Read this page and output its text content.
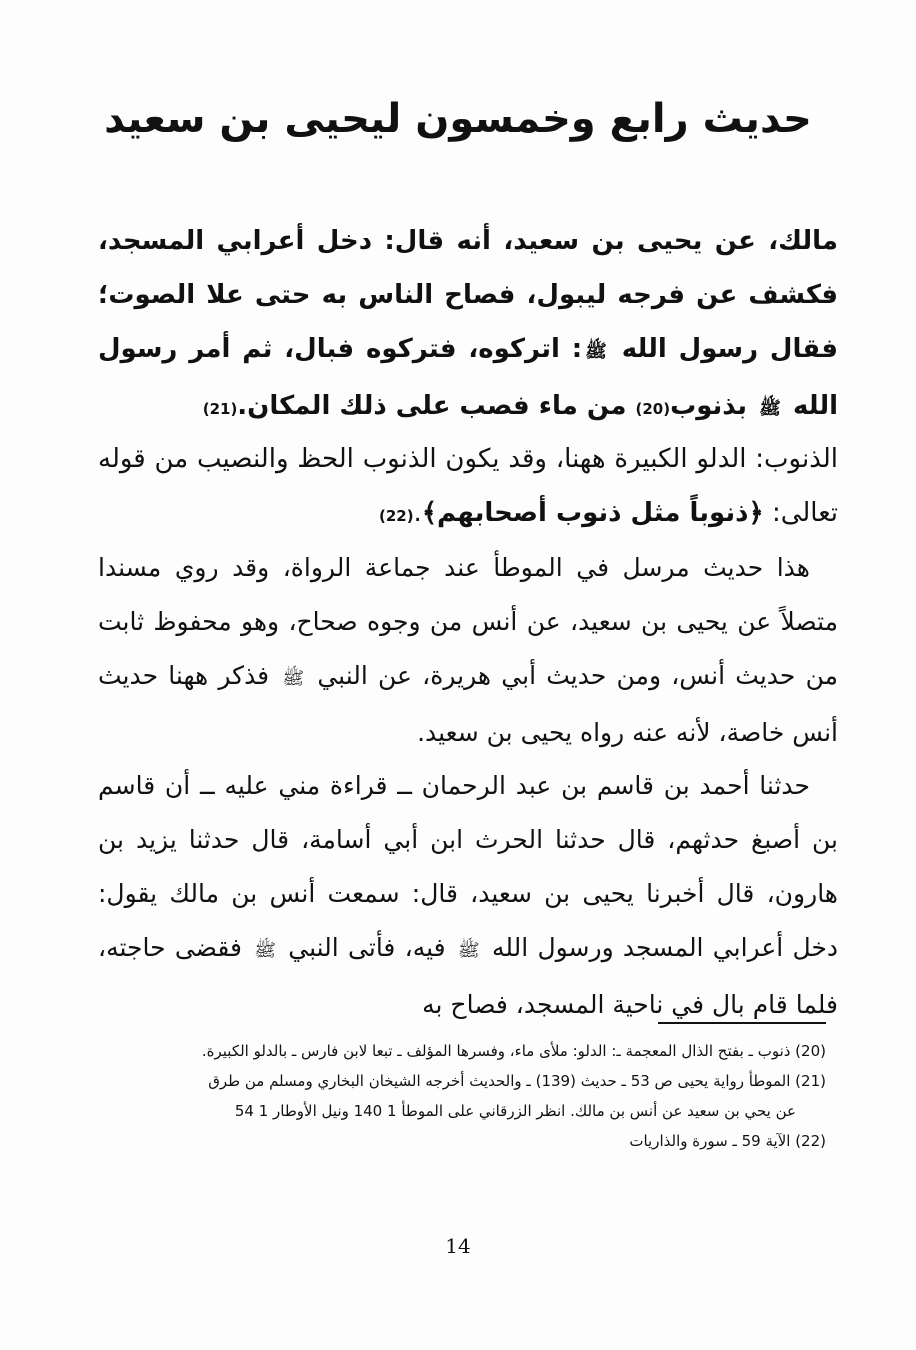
حديث رابع وخمسون ليحيى بن سعيد

مالك، عن يحيى بن سعيد، أنه قال: دخل أعرابي المسجد، فكشف عن فرجه ليبول، فصاح الناس به حتى علا الصوت؛ فقال رسول الله ﷺ: اتركوه، فتركوه فبال، ثم أمر رسول الله ﷺ بذنوب(20) من ماء فصب على ذلك المكان.(21)

الذنوب: الدلو الكبيرة ههنا، وقد يكون الذنوب الحظ والنصيب من قوله تعالى: ﴿ذنوباً مثل ذنوب أصحابهم﴾.(22)

هذا حديث مرسل في الموطأ عند جماعة الرواة، وقد روي مسندا متصلاً عن يحيى بن سعيد، عن أنس من وجوه صحاح، وهو محفوظ ثابت من حديث أنس، ومن حديث أبي هريرة، عن النبي ﷺ فذكر ههنا حديث أنس خاصة، لأنه عنه رواه يحيى بن سعيد.

حدثنا أحمد بن قاسم بن عبد الرحمان ــ قراءة مني عليه ــ أن قاسم بن أصبغ حدثهم، قال حدثنا الحرث ابن أبي أسامة، قال حدثنا يزيد بن هارون، قال أخبرنا يحيى بن سعيد، قال: سمعت أنس بن مالك يقول: دخل أعرابي المسجد ورسول الله ﷺ فيه، فأتى النبي ﷺ فقضى حاجته، فلما قام بال في ناحية المسجد، فصاح به

(20) ذنوب ـ بفتح الذال المعجمة ـ: الدلو: ملأى ماء، وفسرها المؤلف ـ تبعا لابن فارس ـ بالدلو الكبيرة.
(21) الموطأ رواية يحيى ص 53 ـ حديث (139) ـ والحديث أخرجه الشيخان البخاري ومسلم من طرق
عن يحي بن سعيد عن أنس بن مالك. انظر الزرقاني على الموطأ 1 140 ونيل الأوطار 1 54
(22) الآية 59 ـ سورة والذاريات
14
